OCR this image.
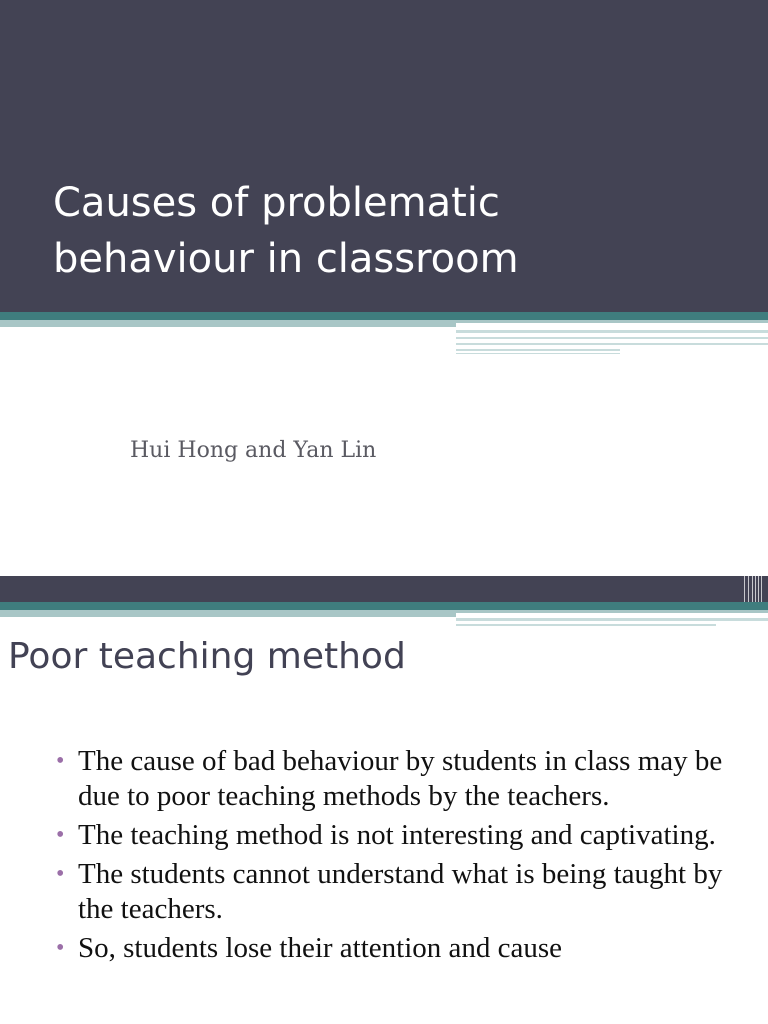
Causes of problematic
behaviour in classroom

Hui Hong and Yan Lin

Poor teaching method
• The cause of bad behaviour by students in class may be due to poor teaching methods by the teachers.
• The teaching method is not interesting and captivating.
• The students cannot understand what is being taught by the teachers.
• So, students lose their attention and cause
